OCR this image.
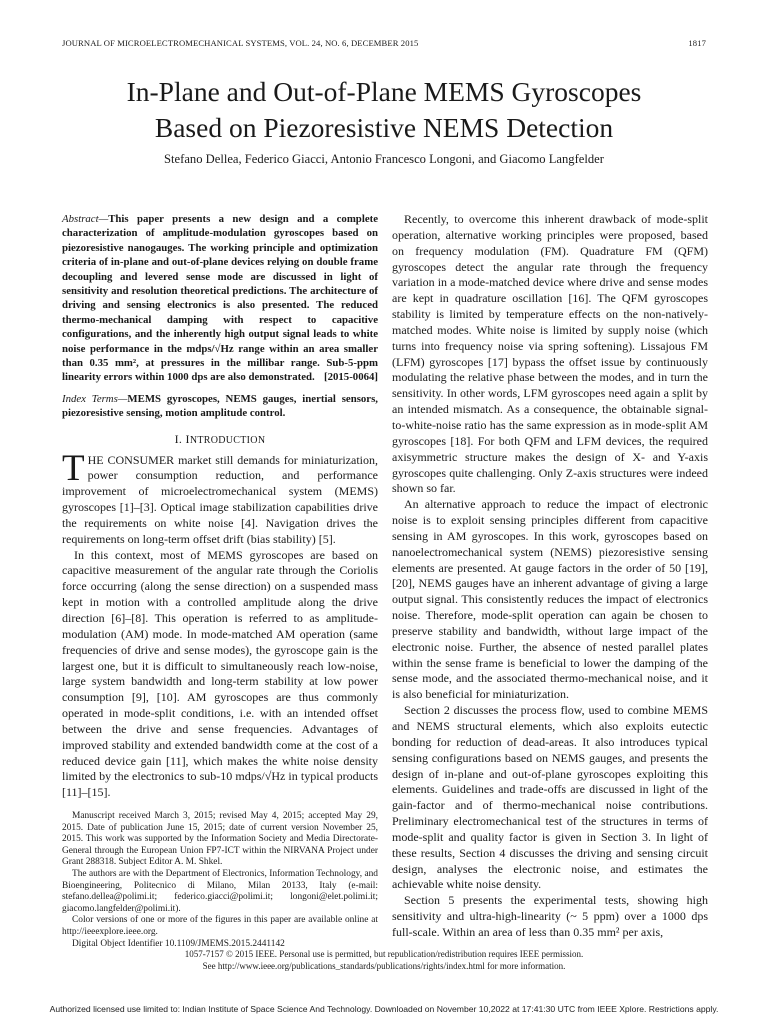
JOURNAL OF MICROELECTROMECHANICAL SYSTEMS, VOL. 24, NO. 6, DECEMBER 2015	1817
In-Plane and Out-of-Plane MEMS Gyroscopes
Based on Piezoresistive NEMS Detection
Stefano Dellea, Federico Giacci, Antonio Francesco Longoni, and Giacomo Langfelder
Abstract—This paper presents a new design and a complete characterization of amplitude-modulation gyroscopes based on piezoresistive nanogauges. The working principle and optimization criteria of in-plane and out-of-plane devices relying on double frame decoupling and levered sense mode are discussed in light of sensitivity and resolution theoretical predictions. The architecture of driving and sensing electronics is also presented. The reduced thermo-mechanical damping with respect to capacitive configurations, and the inherently high output signal leads to white noise performance in the mdps/√Hz range within an area smaller than 0.35 mm², at pressures in the millibar range. Sub-5-ppm linearity errors within 1000 dps are also demonstrated. [2015-0064]
Index Terms—MEMS gyroscopes, NEMS gauges, inertial sensors, piezoresistive sensing, motion amplitude control.
I. INTRODUCTION

THE CONSUMER market still demands for miniaturization, power consumption reduction, and performance improvement of microelectromechanical system (MEMS) gyroscopes [1]–[3]. Optical image stabilization capabilities drive the requirements on white noise [4]. Navigation drives the requirements on long-term offset drift (bias stability) [5].

In this context, most of MEMS gyroscopes are based on capacitive measurement of the angular rate through the Coriolis force occurring (along the sense direction) on a suspended mass kept in motion with a controlled amplitude along the drive direction [6]–[8]. This operation is referred to as amplitude-modulation (AM) mode. In mode-matched AM operation (same frequencies of drive and sense modes), the gyroscope gain is the largest one, but it is difficult to simultaneously reach low-noise, large system bandwidth and long-term stability at low power consumption [9], [10]. AM gyroscopes are thus commonly operated in mode-split conditions, i.e. with an intended offset between the drive and sense frequencies. Advantages of improved stability and extended bandwidth come at the cost of a reduced device gain [11], which makes the white noise density limited by the electronics to sub-10 mdps/√Hz in typical products [11]–[15].

Manuscript received March 3, 2015; revised May 4, 2015; accepted May 29, 2015. Date of publication June 15, 2015; date of current version November 25, 2015. This work was supported by the Information Society and Media Directorate-General through the European Union FP7-ICT within the NIRVANA Project under Grant 288318. Subject Editor A. M. Shkel.

The authors are with the Department of Electronics, Information Technology, and Bioengineering, Politecnico di Milano, Milan 20133, Italy (e-mail: stefano.dellea@polimi.it; federico.giacci@polimi.it; longoni@elet.polimi.it; giacomo.langfelder@polimi.it).

Color versions of one or more of the figures in this paper are available online at http://ieeexplore.ieee.org.

Digital Object Identifier 10.1109/JMEMS.2015.2441142

Recently, to overcome this inherent drawback of mode-split operation, alternative working principles were proposed, based on frequency modulation (FM). Quadrature FM (QFM) gyroscopes detect the angular rate through the frequency variation in a mode-matched device where drive and sense modes are kept in quadrature oscillation [16]. The QFM gyroscopes stability is limited by temperature effects on the non-natively-matched modes. White noise is limited by supply noise (which turns into frequency noise via spring softening). Lissajous FM (LFM) gyroscopes [17] bypass the offset issue by continuously modulating the relative phase between the modes, and in turn the sensitivity. In other words, LFM gyroscopes need again a split by an intended mismatch. As a consequence, the obtainable signal-to-white-noise ratio has the same expression as in mode-split AM gyroscopes [18]. For both QFM and LFM devices, the required axisymmetric structure makes the design of X- and Y-axis gyroscopes quite challenging. Only Z-axis structures were indeed shown so far.

An alternative approach to reduce the impact of electronic noise is to exploit sensing principles different from capacitive sensing in AM gyroscopes. In this work, gyroscopes based on nanoelectromechanical system (NEMS) piezoresistive sensing elements are presented. At gauge factors in the order of 50 [19], [20], NEMS gauges have an inherent advantage of giving a large output signal. This consistently reduces the impact of electronics noise. Therefore, mode-split operation can again be chosen to preserve stability and bandwidth, without large impact of the electronic noise. Further, the absence of nested parallel plates within the sense frame is beneficial to lower the damping of the sense mode, and the associated thermo-mechanical noise, and it is also beneficial for miniaturization.

Section 2 discusses the process flow, used to combine MEMS and NEMS structural elements, which also exploits eutectic bonding for reduction of dead-areas. It also introduces typical sensing configurations based on NEMS gauges, and presents the design of in-plane and out-of-plane gyroscopes exploiting this elements. Guidelines and trade-offs are discussed in light of the gain-factor and of thermo-mechanical noise contributions. Preliminary electromechanical test of the structures in terms of mode-split and quality factor is given in Section 3. In light of these results, Section 4 discusses the driving and sensing circuit design, analyses the electronic noise, and estimates the achievable white noise density.

Section 5 presents the experimental tests, showing high sensitivity and ultra-high-linearity (~ 5 ppm) over a 1000 dps full-scale. Within an area of less than 0.35 mm² per axis,

1057-7157 © 2015 IEEE. Personal use is permitted, but republication/redistribution requires IEEE permission.
See http://www.ieee.org/publications_standards/publications/rights/index.html for more information.
Authorized licensed use limited to: Indian Institute of Space Science And Technology. Downloaded on November 10,2022 at 17:41:30 UTC from IEEE Xplore. Restrictions apply.
